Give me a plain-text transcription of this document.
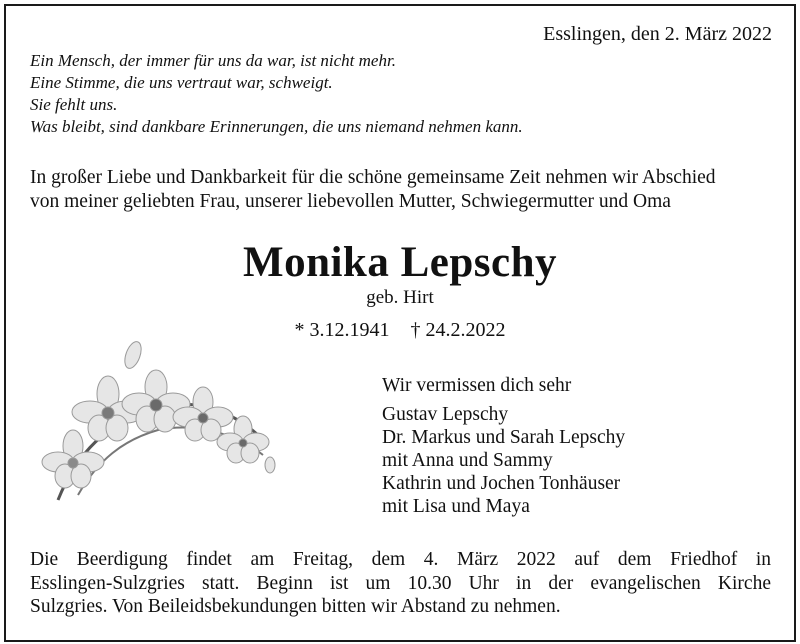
Esslingen, den 2. März 2022
Ein Mensch, der immer für uns da war, ist nicht mehr.
Eine Stimme, die uns vertraut war, schweigt.
Sie fehlt uns.
Was bleibt, sind dankbare Erinnerungen, die uns niemand nehmen kann.
In großer Liebe und Dankbarkeit für die schöne gemeinsame Zeit nehmen wir Abschied
von meiner geliebten Frau, unserer liebevollen Mutter, Schwiegermutter und Oma
Monika Lepschy
geb. Hirt
* 3.12.1941 † 24.2.2022
Wir vermissen dich sehr
Gustav Lepschy
Dr. Markus und Sarah Lepschy
mit Anna und Sammy
Kathrin und Jochen Tonhäuser
mit Lisa und Maya
Die Beerdigung findet am Freitag, dem 4. März 2022 auf dem Friedhof in
Esslingen-Sulzgries statt. Beginn ist um 10.30 Uhr in der evangelischen Kirche
Sulzgries. Von Beileidsbekundungen bitten wir Abstand zu nehmen.
